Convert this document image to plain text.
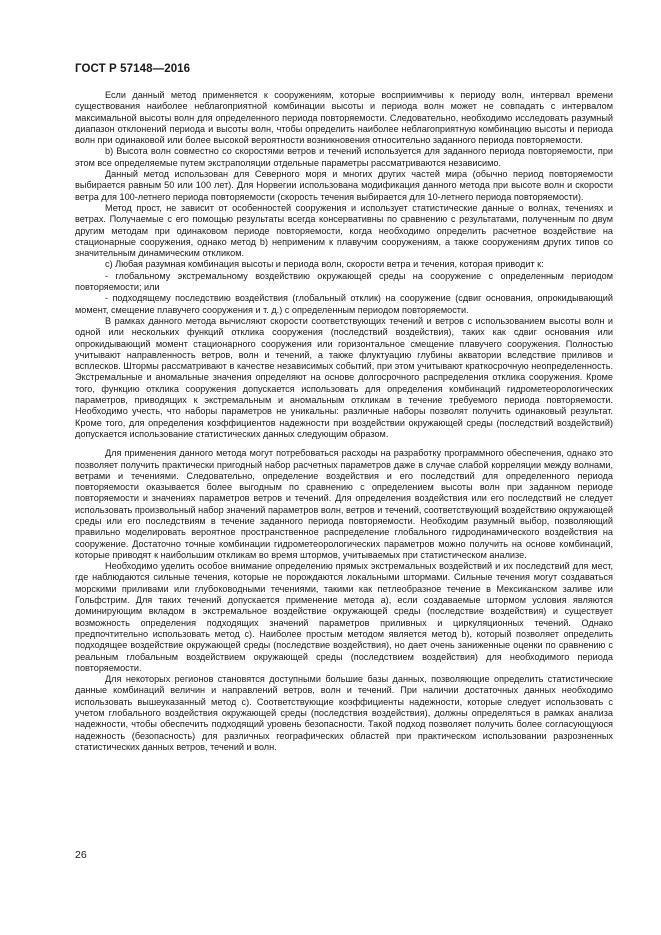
ГОСТ Р 57148—2016

Если данный метод применяется к сооружениям, которые восприимчивы к периоду волн, интервал времени существования наиболее неблагоприятной комбинации высоты и периода волн может не совпадать с интервалом максимальной высоты волн для определенного периода повторяемости. Следовательно, необходимо исследовать разумный диапазон отклонений периода и высоты волн, чтобы определить наиболее неблагоприятную комбинацию высоты и периода волн при одинаковой или более высокой вероятности возникновения относительно заданного периода повторяемости.

b) Высота волн совместно со скоростями ветров и течений используется для заданного периода повторяемости, при этом все определяемые путем экстраполяции отдельные параметры рассматриваются независимо.

Данный метод использован для Северного моря и многих других частей мира (обычно период повторяемости выбирается равным 50 или 100 лет). Для Норвегии использована модификация данного метода при высоте волн и скорости ветра для 100-летнего периода повторяемости (скорость течения выбирается для 10-летнего периода повторяемости).

Метод прост, не зависит от особенностей сооружения и использует статистические данные о волнах, течениях и ветрах. Получаемые с его помощью результаты всегда консервативны по сравнению с результатами, полученным по двум другим методам при одинаковом периоде повторяемости, когда необходимо определить расчетное воздействие на стационарные сооружения, однако метод b) неприменим к плавучим сооружениям, а также сооружениям других типов со значительным динамическим откликом.

c) Любая разумная комбинация высоты и периода волн, скорости ветра и течения, которая приводит к:

- глобальному экстремальному воздействию окружающей среды на сооружение с определенным периодом повторяемости; или

- подходящему последствию воздействия (глобальный отклик) на сооружение (сдвиг основания, опрокидывающий момент, смещение плавучего сооружения и т. д.) с определенным периодом повторяемости.

В рамках данного метода вычисляют скорости соответствующих течений и ветров с использованием высоты волн и одной или нескольких функций отклика сооружения (последствий воздействия), таких как сдвиг основания или опрокидывающий момент стационарного сооружения или горизонтальное смещение плавучего сооружения. Полностью учитывают направленность ветров, волн и течений, а также флуктуацию глубины акватории вследствие приливов и всплесков. Штормы рассматривают в качестве независимых событий, при этом учитывают краткосрочную неопределенность. Экстремальные и аномальные значения определяют на основе долгосрочного распределения отклика сооружения. Кроме того, функцию отклика сооружения допускается использовать для определения комбинаций гидрометеорологических параметров, приводящих к экстремальным и аномальным откликам в течение требуемого периода повторяемости. Необходимо учесть, что наборы параметров не уникальны: различные наборы позволят получить одинаковый результат. Кроме того, для определения коэффициентов надежности при воздействии окружающей среды (последствий воздействий) допускается использование статистических данных следующим образом.

Для применения данного метода могут потребоваться расходы на разработку программного обеспечения, однако это позволяет получить практически пригодный набор расчетных параметров даже в случае слабой корреляции между волнами, ветрами и течениями. Следовательно, определение воздействия и его последствий для определенного периода повторяемости оказывается более выгодным по сравнению с определением высоты волн при заданном периоде повторяемости и значениях параметров ветров и течений. Для определения воздействия или его последствий не следует использовать произвольный набор значений параметров волн, ветров и течений, соответствующий воздействию окружающей среды или его последствиям в течение заданного периода повторяемости. Необходим разумный выбор, позволяющий правильно моделировать вероятное пространственное распределение глобального гидродинамического воздействия на сооружение. Достаточно точные комбинации гидрометеорологических параметров можно получить на основе комбинаций, которые приводят к наибольшим откликам во время штормов, учитываемых при статистическом анализе.

Необходимо уделить особое внимание определению прямых экстремальных воздействий и их последствий для мест, где наблюдаются сильные течения, которые не порождаются локальными штормами. Сильные течения могут создаваться морскими приливами или глубоководными течениями, такими как петлеобразное течение в Мексиканском заливе или Гольфстрим. Для таких течений допускается применение метода а), если создаваемые штормом условия являются доминирующим вкладом в экстремальное воздействие окружающей среды (последствие воздействия) и существует возможность определения подходящих значений параметров приливных и циркуляционных течений. Однако предпочтительно использовать метод с). Наиболее простым методом является метод b), который позволяет определить подходящее воздействие окружающей среды (последствие воздействия), но дает очень заниженные оценки по сравнению с реальным глобальным воздействием окружающей среды (последствием воздействия) для необходимого периода повторяемости.

Для некоторых регионов становятся доступными большие базы данных, позволяющие определить статистические данные комбинаций величин и направлений ветров, волн и течений. При наличии достаточных данных необходимо использовать вышеуказанный метод с). Соответствующие коэффициенты надежности, которые следует использовать с учетом глобального воздействия окружающей среды (последствия воздействия), должны определяться в рамках анализа надежности, чтобы обеспечить подходящий уровень безопасности. Такой подход позволяет получить более согласующуюся надежность (безопасность) для различных географических областей при практическом использовании разрозненных статистических данных ветров, течений и волн.

26
